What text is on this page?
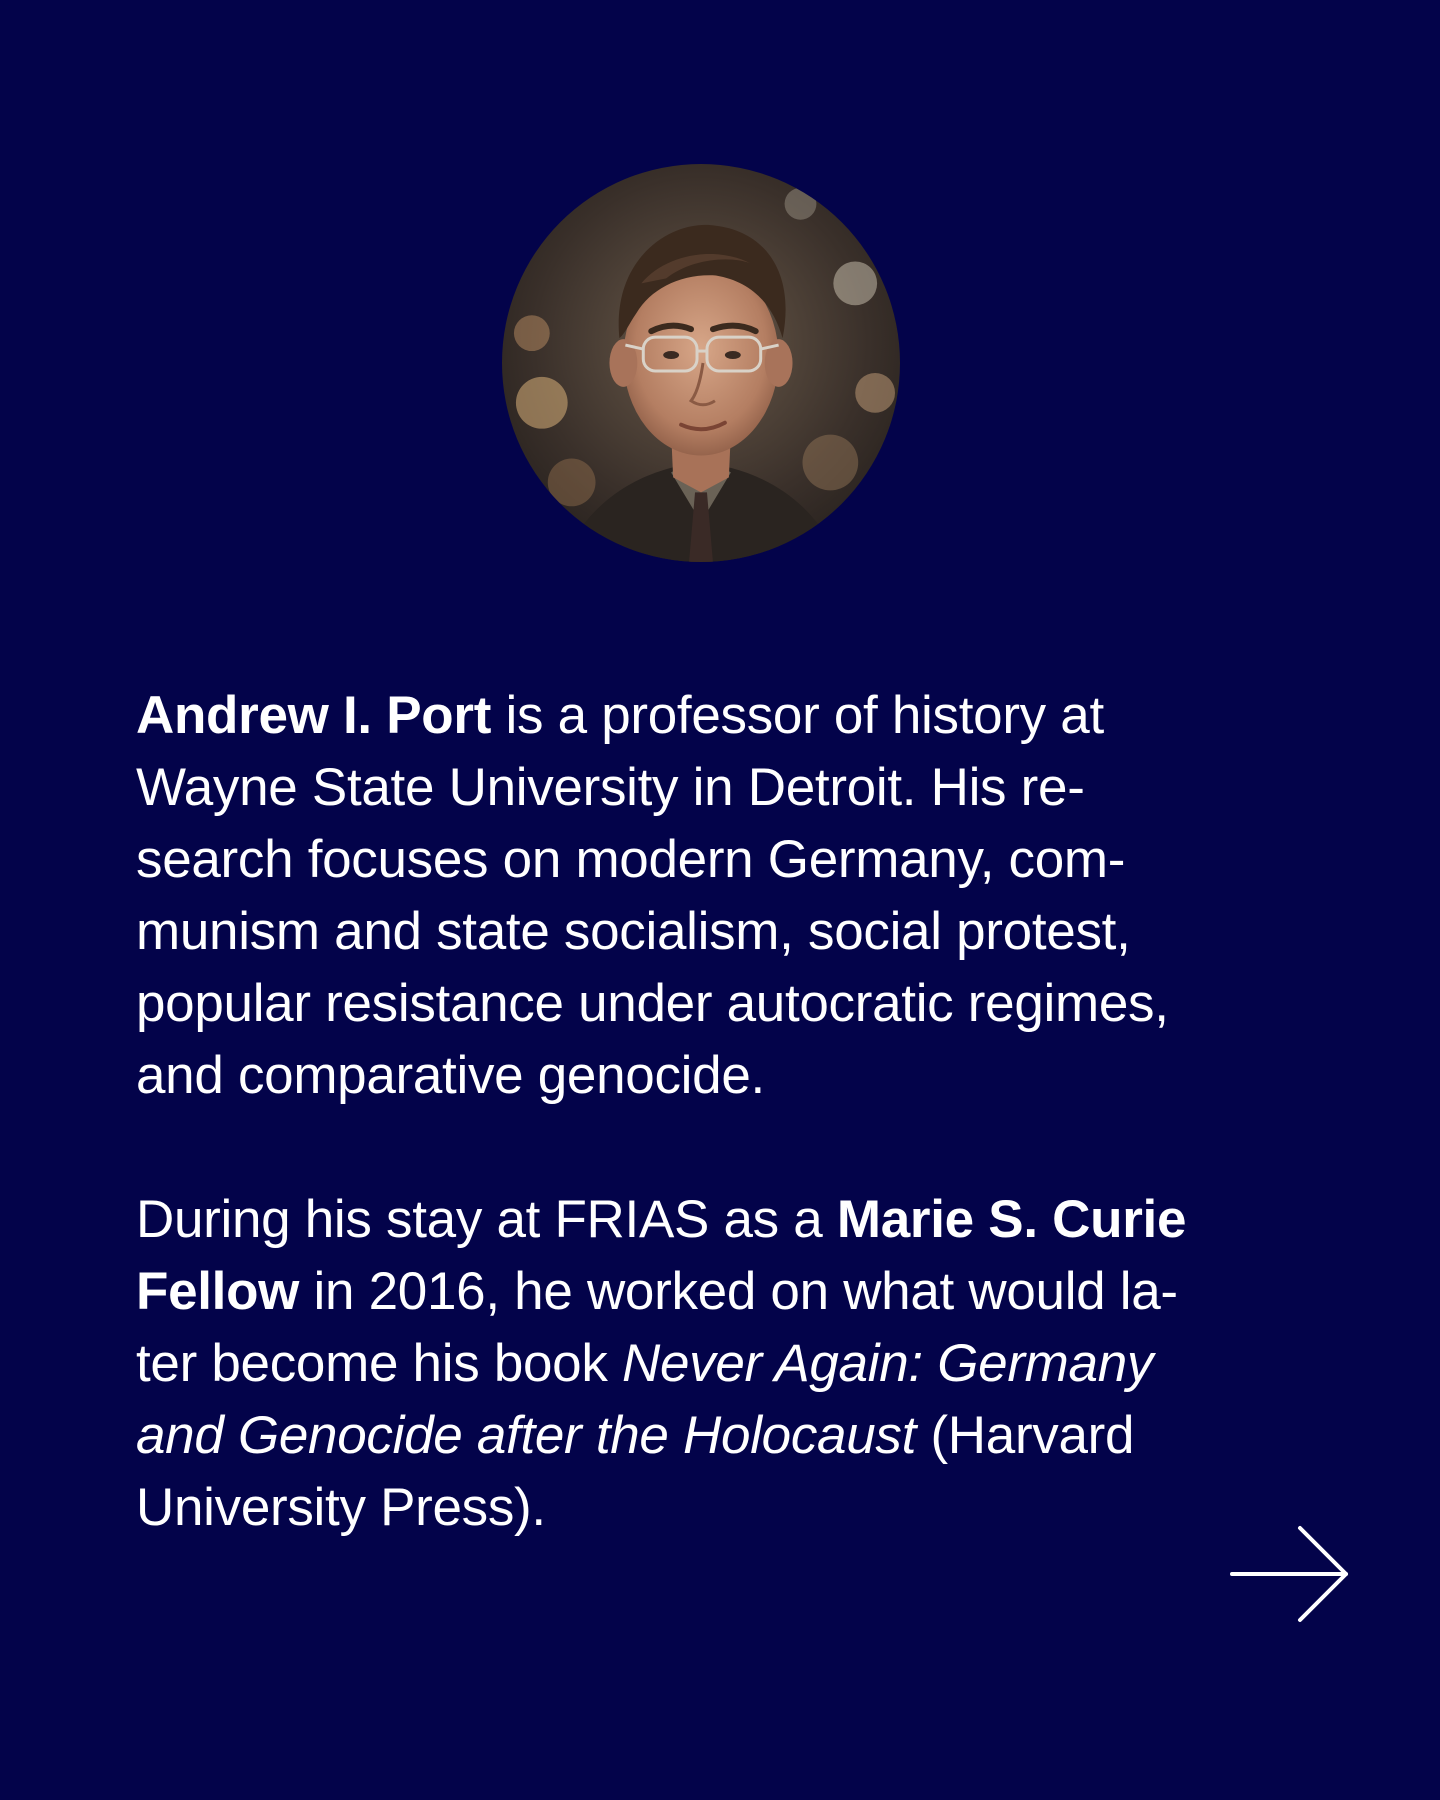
Andrew I. Port is a professor of history at
Wayne State University in Detroit. His re-
search focuses on modern Germany, com-
munism and state socialism, social protest,
popular resistance under autocratic regimes,
and comparative genocide.

During his stay at FRIAS as a Marie S. Curie
Fellow in 2016, he worked on what would la-
ter become his book Never Again: Germany
and Genocide after the Holocaust (Harvard
University Press).
